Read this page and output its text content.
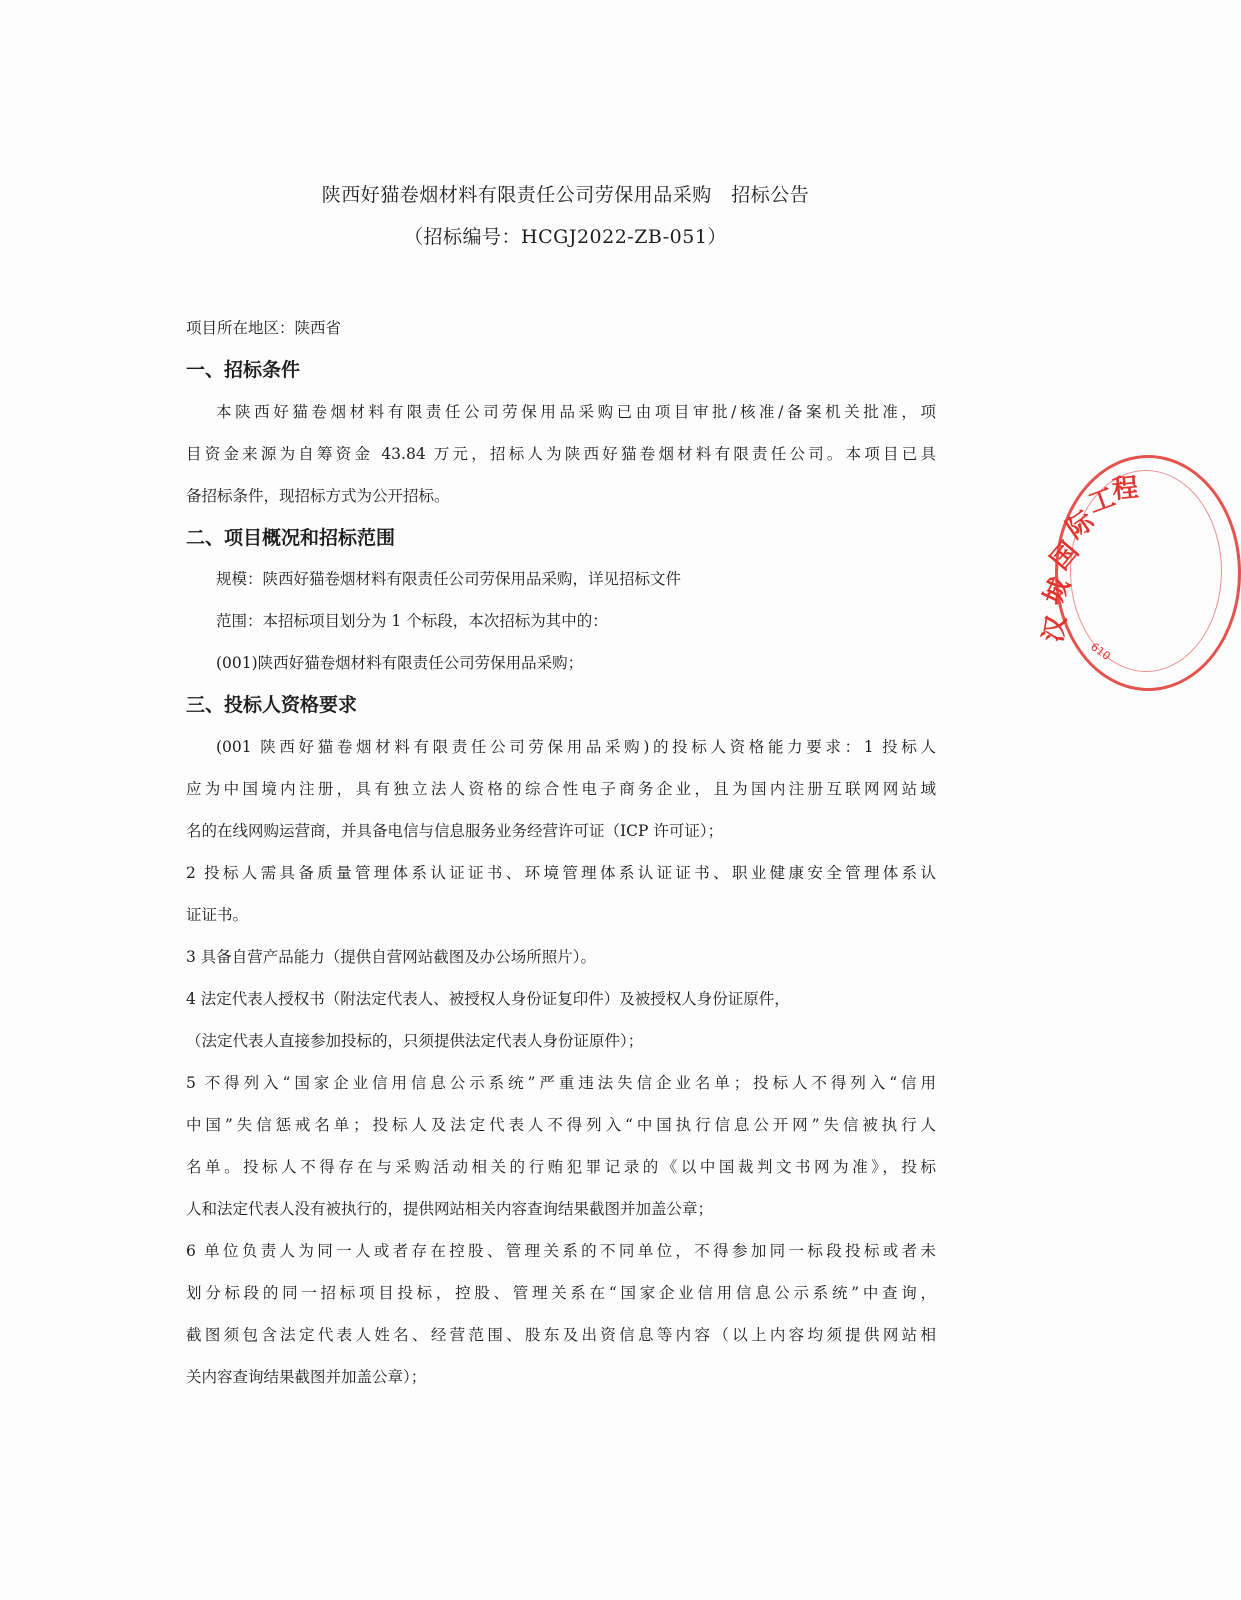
陕西好猫卷烟材料有限责任公司劳保用品采购　招标公告
（招标编号：HCGJ2022-ZB-051）
项目所在地区：陕西省
一、招标条件
本陕西好猫卷烟材料有限责任公司劳保用品采购已由项目审批/核准/备案机关批准，项
目资金来源为自筹资金 43.84 万元，招标人为陕西好猫卷烟材料有限责任公司。本项目已具
备招标条件，现招标方式为公开招标。
二、项目概况和招标范围
规模：陕西好猫卷烟材料有限责任公司劳保用品采购，详见招标文件
范围：本招标项目划分为 1 个标段，本次招标为其中的：
(001)陕西好猫卷烟材料有限责任公司劳保用品采购；
三、投标人资格要求
(001 陕西好猫卷烟材料有限责任公司劳保用品采购)的投标人资格能力要求：1 投标人
应为中国境内注册，具有独立法人资格的综合性电子商务企业，且为国内注册互联网网站域
名的在线网购运营商，并具备电信与信息服务业务经营许可证（ICP 许可证）；
2 投标人需具备质量管理体系认证证书、环境管理体系认证证书、职业健康安全管理体系认
证证书。
3 具备自营产品能力（提供自营网站截图及办公场所照片）。
4 法定代表人授权书（附法定代表人、被授权人身份证复印件）及被授权人身份证原件，
（法定代表人直接参加投标的，只须提供法定代表人身份证原件）；
5 不得列入“国家企业信用信息公示系统”严重违法失信企业名单；投标人不得列入“信用
中国”失信惩戒名单；投标人及法定代表人不得列入“中国执行信息公开网”失信被执行人
名单。投标人不得存在与采购活动相关的行贿犯罪记录的《以中国裁判文书网为准》，投标
人和法定代表人没有被执行的，提供网站相关内容查询结果截图并加盖公章；
6 单位负责人为同一人或者存在控股、管理关系的不同单位，不得参加同一标段投标或者未
划分标段的同一招标项目投标，控股、管理关系在“国家企业信用信息公示系统”中查询，
截图须包含法定代表人姓名、经营范围、股东及出资信息等内容（以上内容均须提供网站相
关内容查询结果截图并加盖公章）；
汉
城
国
际
工
程
610
